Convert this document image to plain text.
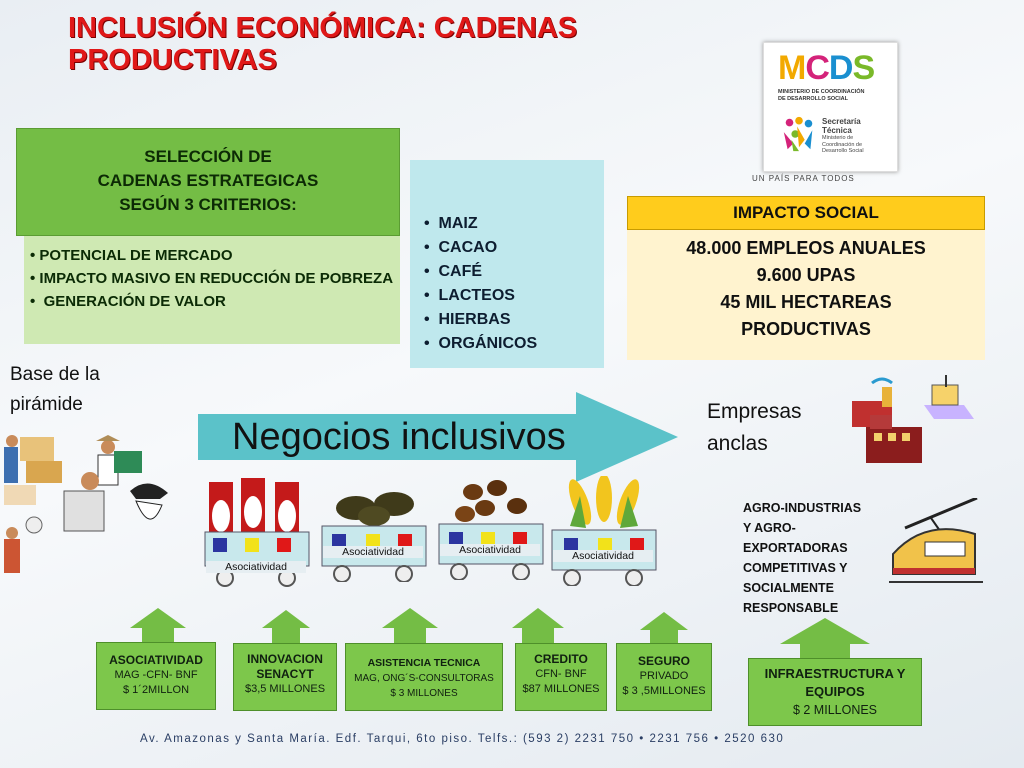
INCLUSIÓN ECONÓMICA: CADENAS PRODUCTIVAS	MCDS
MINISTERIO DE COORDINACIÓN
DE DESARROLLO SOCIAL
Secretaría
Técnica
Ministerio de
Coordinación de
Desarrollo Social
UN PAÍS PARA TODOS
SELECCIÓN DE
CADENAS ESTRATEGICAS
SEGÚN 3 CRITERIOS:
• POTENCIAL DE MERCADO
• IMPACTO MASIVO EN REDUCCIÓN DE POBREZA
•  GENERACIÓN DE VALOR
•  MAIZ
•  CACAO
•  CAFÉ
•  LACTEOS
•  HIERBAS
•  ORGÁNICOS
IMPACTO SOCIAL
48.000 EMPLEOS ANUALES
9.600 UPAS
45 MIL HECTAREAS
PRODUCTIVAS
Base de la
pirámide
Negocios inclusivos
Empresas
anclas
AGRO-INDUSTRIAS
Y AGRO-
EXPORTADORAS
COMPETITIVAS Y
SOCIALMENTE
RESPONSABLE
Asociatividad
Asociatividad	Asociatividad	Asociatividad
ASOCIATIVIDAD
MAG -CFN- BNF
$ 1´2MILLON
INNOVACION SENACYT
$3,5 MILLONES
ASISTENCIA TECNICA
MAG, ONG´S-CONSULTORAS
$ 3 MILLONES
CREDITO
CFN- BNF
$87 MILLONES
SEGURO
PRIVADO
$ 3 ,5MILLONES
INFRAESTRUCTURA Y EQUIPOS
$ 2 MILLONES
Av. Amazonas y Santa María. Edf. Tarqui, 6to piso. Telfs.: (593 2) 2231 750 • 2231 756 • 2520 630
